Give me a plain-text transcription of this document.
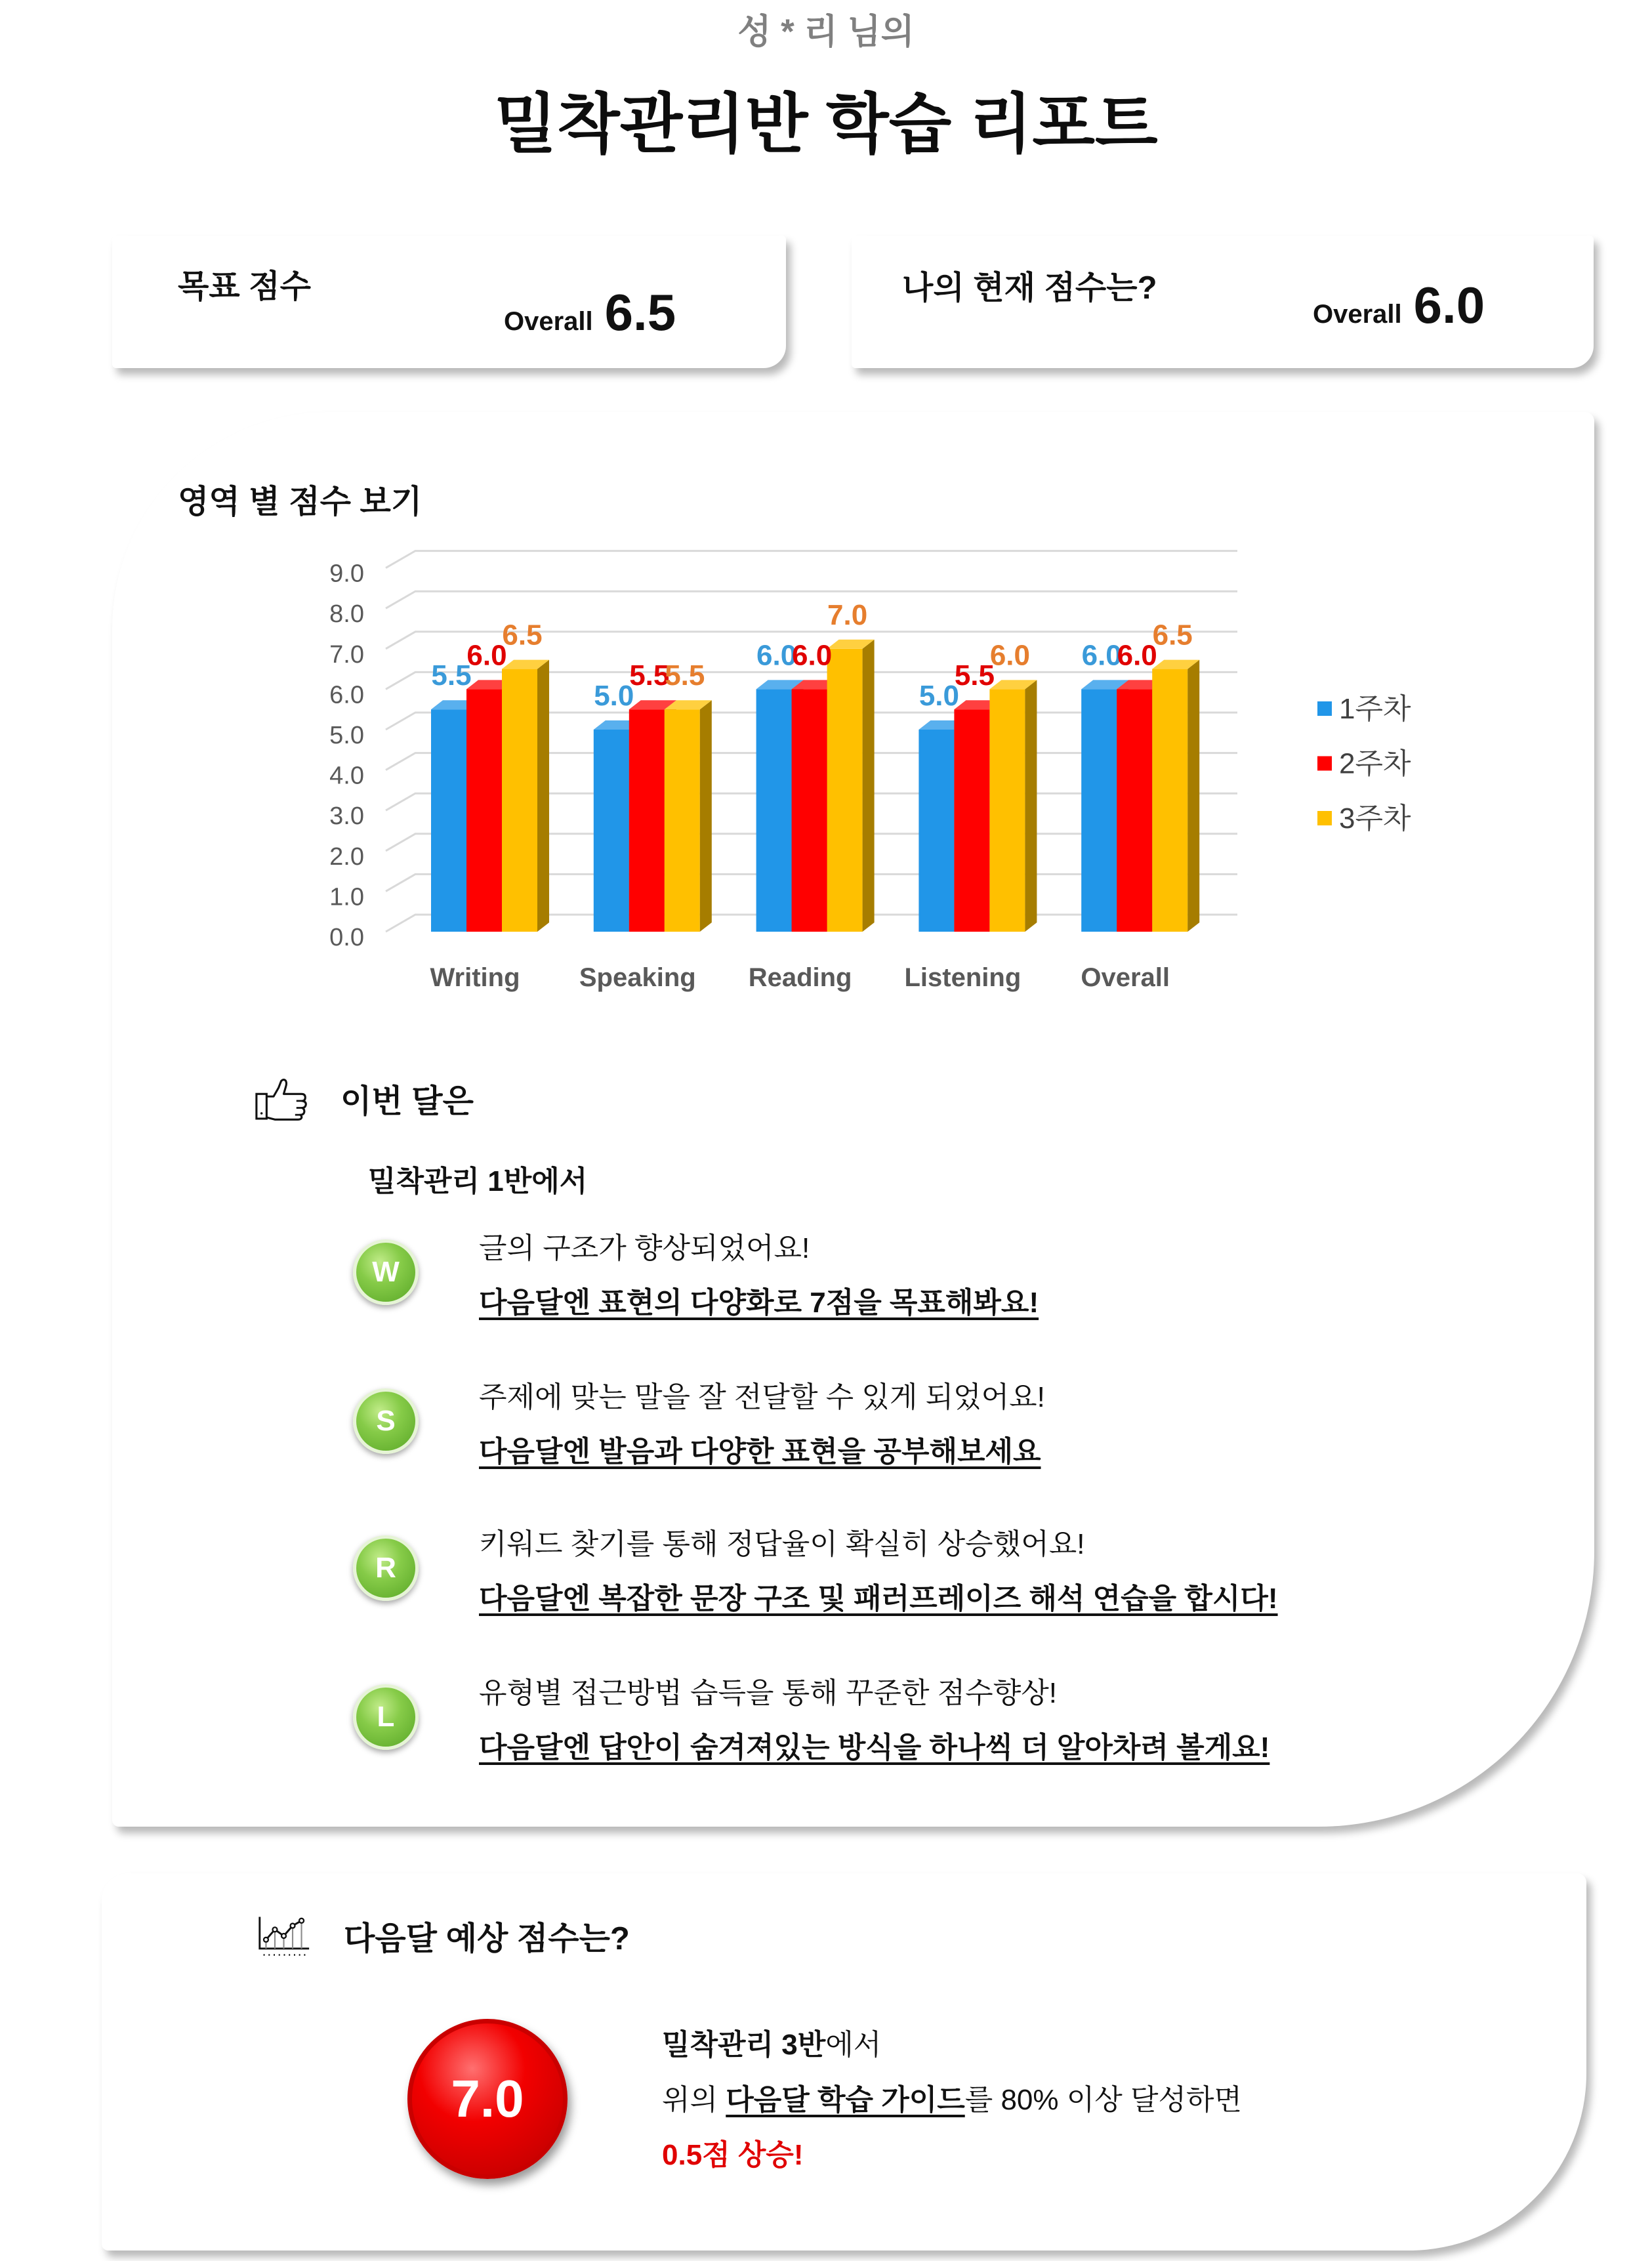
성 * 리 님의
밀착관리반 학습 리포트
목표 점수
Overall 6.5	나의 현재 점수는?
Overall 6.0
영역 별 점수 보기
0.0
1.0
2.0
3.0
4.0
5.0
6.0
7.0
8.0
9.0
5.5
6.0
6.5
5.0
5.5
5.5
6.0
6.0
7.0
5.0
5.5
6.0 6.0
6.0
6.5
Writing Speaking Reading Listening Overall
1주차
2주차
3주차
이번 달은
밀착관리 1반에서
W
글의 구조가 향상되었어요!
다음달엔 표현의 다양화로 7점을 목표해봐요!
S
주제에 맞는 말을 잘 전달할 수 있게 되었어요!
다음달엔 발음과 다양한 표현을 공부해보세요
R
키워드 찾기를 통해 정답율이 확실히 상승했어요!
다음달엔 복잡한 문장 구조 및 패러프레이즈 해석 연습을 합시다!
L
유형별 접근방법 습득을 통해 꾸준한 점수향상!
다음달엔 답안이 숨겨져있는 방식을 하나씩 더 알아차려 볼게요!
다음달 예상 점수는?
7.0
밀착관리 3반에서
위의 다음달 학습 가이드를 80% 이상 달성하면
0.5점 상승!
